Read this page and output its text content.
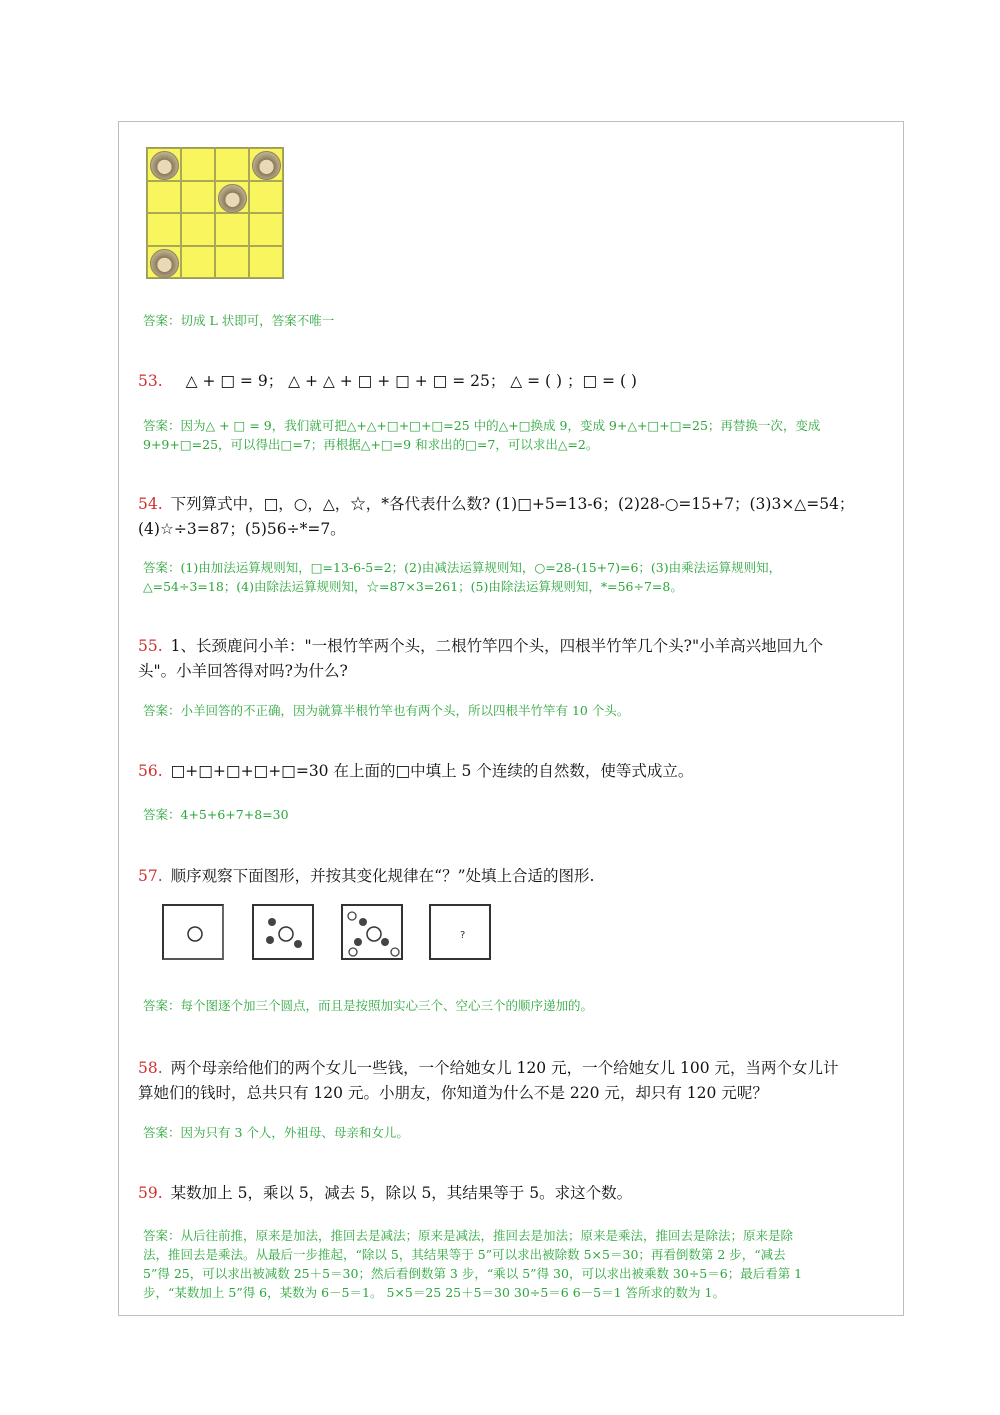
答案：切成 L 状即可，答案不唯一
53. △ + □ = 9； △ + △ + □ + □ + □ = 25； △ = ( ) ；□ = ( )
答案：因为△ + □ = 9，我们就可把△+△+□+□+□=25 中的△+□换成 9，变成 9+△+□+□=25；再替换一次，变成
9+9+□=25，可以得出□=7；再根据△+□=9 和求出的□=7，可以求出△=2。
54. 下列算式中，□，○，△，☆，*各代表什么数? (1)□+5=13-6；(2)28-○=15+7；(3)3×△=54；
(4)☆÷3=87；(5)56÷*=7。
答案：(1)由加法运算规则知，□=13-6-5=2；(2)由减法运算规则知，○=28-(15+7)=6；(3)由乘法运算规则知，
△=54÷3=18；(4)由除法运算规则知，☆=87×3=261；(5)由除法运算规则知，*=56÷7=8。
55. 1、长颈鹿问小羊："一根竹竿两个头，二根竹竿四个头，四根半竹竿几个头?"小羊高兴地回九个
头"。小羊回答得对吗?为什么?
答案：小羊回答的不正确，因为就算半根竹竿也有两个头，所以四根半竹竿有 10 个头。
56. □+□+□+□+□=30 在上面的□中填上 5 个连续的自然数，使等式成立。
答案：4+5+6+7+8=30
57. 顺序观察下面图形，并按其变化规律在“？”处填上合适的图形.
?
答案：每个图逐个加三个圆点，而且是按照加实心三个、空心三个的顺序递加的。
58. 两个母亲给他们的两个女儿一些钱，一个给她女儿 120 元，一个给她女儿 100 元，当两个女儿计
算她们的钱时，总共只有 120 元。小朋友，你知道为什么不是 220 元，却只有 120 元呢？
答案：因为只有 3 个人，外祖母、母亲和女儿。
59. 某数加上 5，乘以 5，减去 5，除以 5，其结果等于 5。求这个数。
答案：从后往前推，原来是加法，推回去是减法；原来是减法，推回去是加法；原来是乘法，推回去是除法；原来是除
法，推回去是乘法。从最后一步推起，“除以 5，其结果等于 5”可以求出被除数 5×5＝30；再看倒数第 2 步，“减去
5”得 25，可以求出被减数 25＋5＝30；然后看倒数第 3 步，“乘以 5”得 30，可以求出被乘数 30÷5＝6；最后看第 1
步，“某数加上 5”得 6，某数为 6－5＝1。 5×5＝25 25＋5＝30 30÷5＝6 6－5＝1 答所求的数为 1。
